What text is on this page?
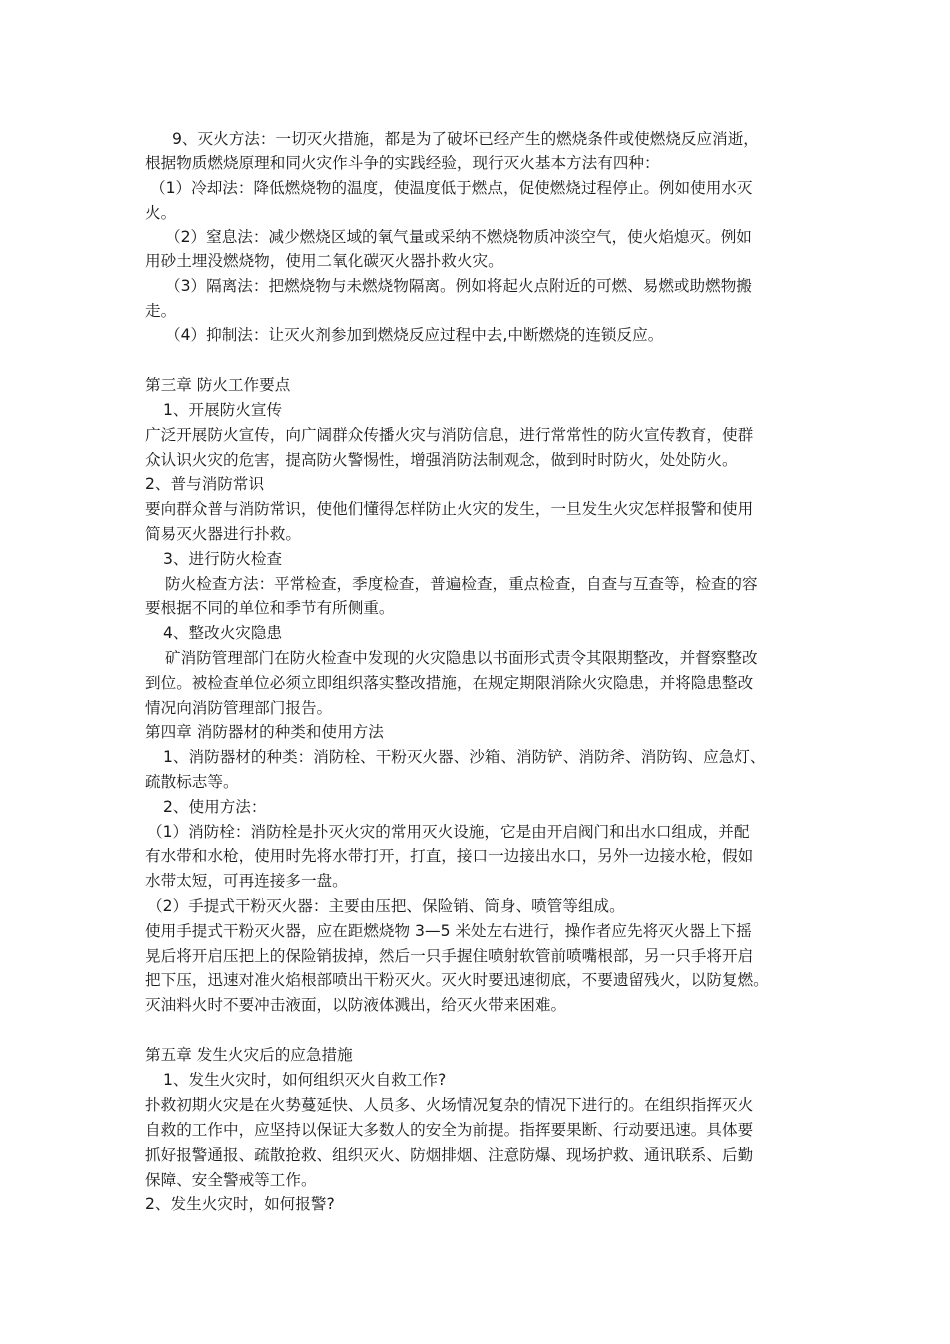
9、灭火方法：一切灭火措施，都是为了破坏已经产生的燃烧条件或使燃烧反应消逝，

根据物质燃烧原理和同火灾作斗争的实践经验，现行灭火基本方法有四种：

（1）冷却法：降低燃烧物的温度，使温度低于燃点，促使燃烧过程停止。例如使用水灭

火。

（2）窒息法：减少燃烧区域的氧气量或采纳不燃烧物质冲淡空气，使火焰熄灭。例如

用砂土埋没燃烧物，使用二氧化碳灭火器扑救火灾。

（3）隔离法：把燃烧物与未燃烧物隔离。例如将起火点附近的可燃、易燃或助燃物搬

走。

（4）抑制法：让灭火剂参加到燃烧反应过程中去,中断燃烧的连锁反应。

第三章 防火工作要点

1、开展防火宣传

广泛开展防火宣传，向广阔群众传播火灾与消防信息，进行常常性的防火宣传教育，使群

众认识火灾的危害，提高防火警惕性，增强消防法制观念，做到时时防火，处处防火。

2、普与消防常识

要向群众普与消防常识，使他们懂得怎样防止火灾的发生，一旦发生火灾怎样报警和使用

简易灭火器进行扑救。

3、进行防火检查

防火检查方法：平常检查，季度检查，普遍检查，重点检查，自查与互查等，检查的容

要根据不同的单位和季节有所侧重。

4、整改火灾隐患

矿消防管理部门在防火检查中发现的火灾隐患以书面形式责令其限期整改，并督察整改

到位。被检查单位必须立即组织落实整改措施，在规定期限消除火灾隐患，并将隐患整改

情况向消防管理部门报告。

第四章 消防器材的种类和使用方法

1、消防器材的种类：消防栓、干粉灭火器、沙箱、消防铲、消防斧、消防钩、应急灯、

疏散标志等。

2、使用方法：

（1）消防栓：消防栓是扑灭火灾的常用灭火设施，它是由开启阀门和出水口组成，并配

有水带和水枪，使用时先将水带打开，打直，接口一边接出水口，另外一边接水枪，假如

水带太短，可再连接多一盘。

（2）手提式干粉灭火器：主要由压把、保险销、筒身、喷管等组成。

使用手提式干粉灭火器，应在距燃烧物 3—5 米处左右进行，操作者应先将灭火器上下摇

晃后将开启压把上的保险销拔掉，然后一只手握住喷射软管前喷嘴根部，另一只手将开启

把下压，迅速对准火焰根部喷出干粉灭火。灭火时要迅速彻底，不要遗留残火，以防复燃。

灭油料火时不要冲击液面，以防液体溅出，给灭火带来困难。

第五章 发生火灾后的应急措施

1、发生火灾时，如何组织灭火自救工作?

扑救初期火灾是在火势蔓延快、人员多、火场情况复杂的情况下进行的。在组织指挥灭火

自救的工作中，应坚持以保证大多数人的安全为前提。指挥要果断、行动要迅速。具体要

抓好报警通报、疏散抢救、组织灭火、防烟排烟、注意防爆、现场护救、通讯联系、后勤

保障、安全警戒等工作。

2、发生火灾时，如何报警?
